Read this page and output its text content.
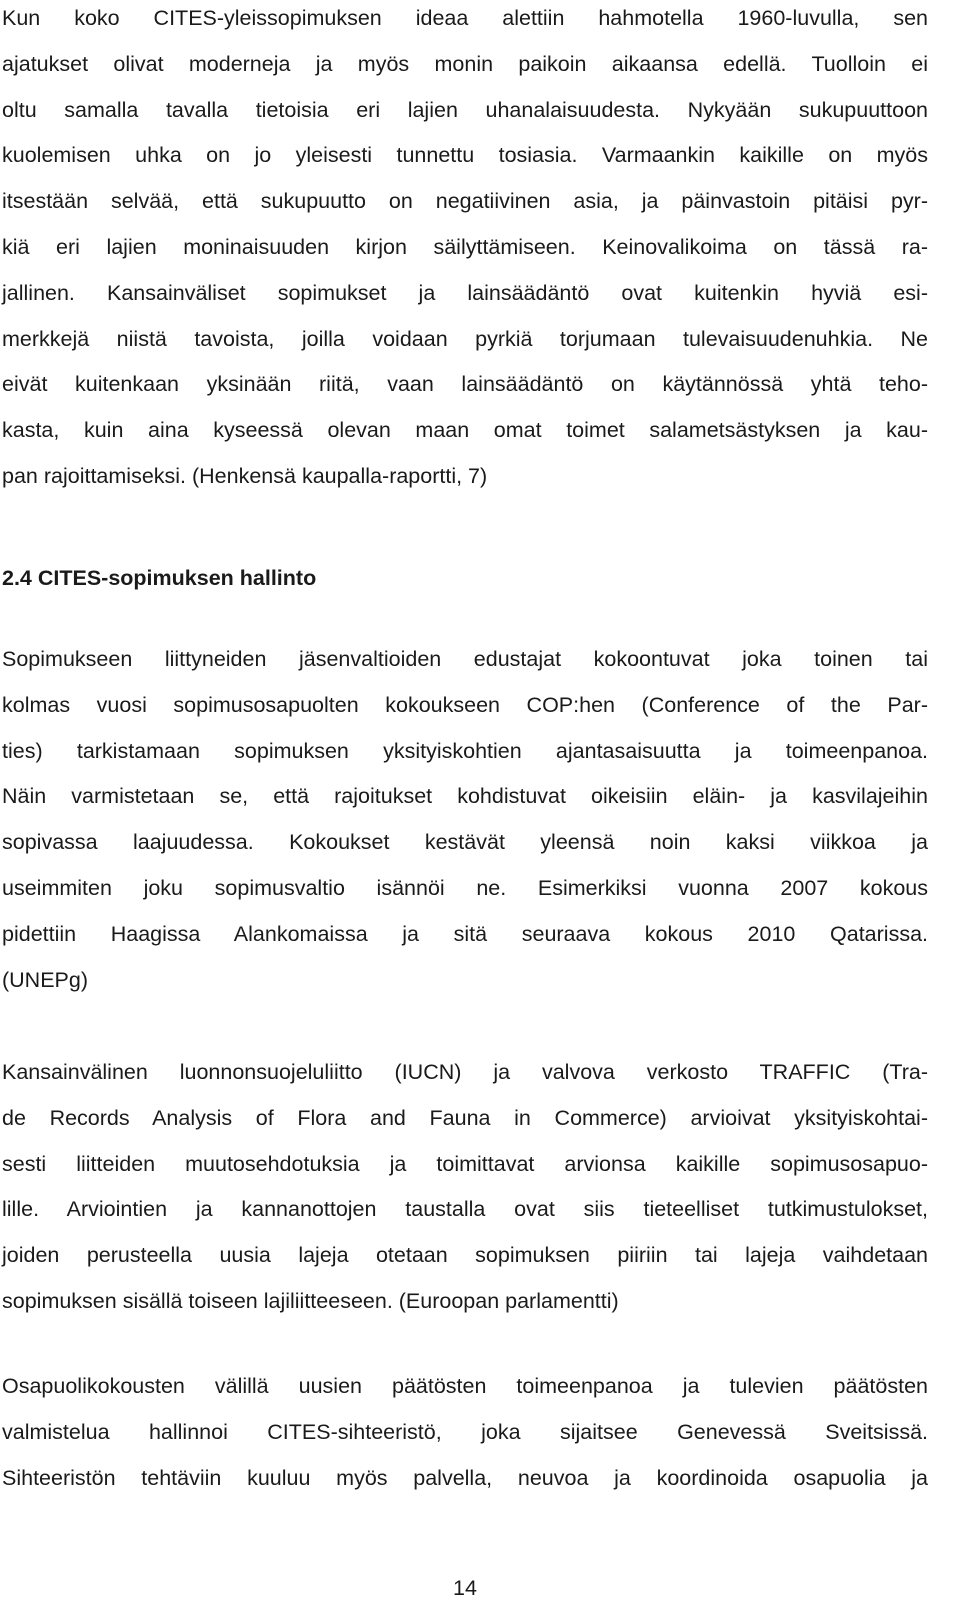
Kun koko CITES-yleissopimuksen ideaa alettiin hahmotella 1960-luvulla, sen
ajatukset olivat moderneja ja myös monin paikoin aikaansa edellä. Tuolloin ei
oltu samalla tavalla tietoisia eri lajien uhanalaisuudesta. Nykyään sukupuuttoon
kuolemisen uhka on jo yleisesti tunnettu tosiasia. Varmaankin kaikille on myös
itsestään selvää, että sukupuutto on negatiivinen asia, ja päinvastoin pitäisi pyr-
kiä eri lajien moninaisuuden kirjon säilyttämiseen. Keinovalikoima on tässä ra-
jallinen. Kansainväliset sopimukset ja lainsäädäntö ovat kuitenkin hyviä esi-
merkkejä niistä tavoista, joilla voidaan pyrkiä torjumaan tulevaisuudenuhkia. Ne
eivät kuitenkaan yksinään riitä, vaan lainsäädäntö on käytännössä yhtä teho-
kasta, kuin aina kyseessä olevan maan omat toimet salametsästyksen ja kau-
pan rajoittamiseksi. (Henkensä kaupalla-raportti, 7)

2.4 CITES-sopimuksen hallinto

Sopimukseen liittyneiden jäsenvaltioiden edustajat kokoontuvat joka toinen tai
kolmas vuosi sopimusosapuolten kokoukseen COP:hen (Conference of the Par-
ties) tarkistamaan sopimuksen yksityiskohtien ajantasaisuutta ja toimeenpanoa.
Näin varmistetaan se, että rajoitukset kohdistuvat oikeisiin eläin- ja kasvilajeihin
sopivassa laajuudessa. Kokoukset kestävät yleensä noin kaksi viikkoa ja
useimmiten joku sopimusvaltio isännöi ne. Esimerkiksi vuonna 2007 kokous
pidettiin Haagissa Alankomaissa ja sitä seuraava kokous 2010 Qatarissa.
(UNEPg)

Kansainvälinen luonnonsuojeluliitto (IUCN) ja valvova verkosto TRAFFIC (Tra-
de Records Analysis of Flora and Fauna in Commerce) arvioivat yksityiskohtai-
sesti liitteiden muutosehdotuksia ja toimittavat arvionsa kaikille sopimusosapuo-
lille. Arviointien ja kannanottojen taustalla ovat siis tieteelliset tutkimustulokset,
joiden perusteella uusia lajeja otetaan sopimuksen piiriin tai lajeja vaihdetaan
sopimuksen sisällä toiseen lajiliitteeseen. (Euroopan parlamentti)

Osapuolikokousten välillä uusien päätösten toimeenpanoa ja tulevien päätösten
valmistelua hallinnoi CITES-sihteeristö, joka sijaitsee Genevessä Sveitsissä.
Sihteeristön tehtäviin kuuluu myös palvella, neuvoa ja koordinoida osapuolia ja

14
